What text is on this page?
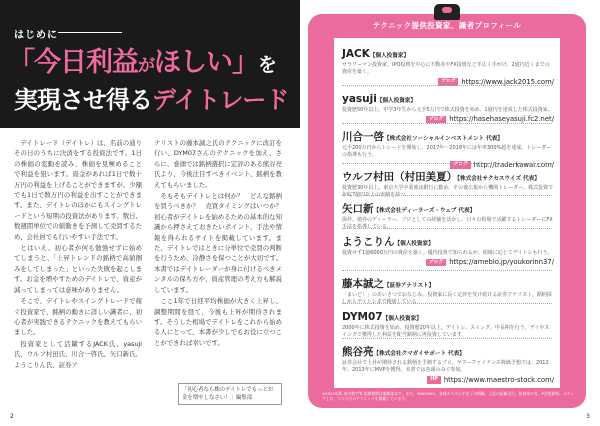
はじめに
「今日利益がほしい」を
実現させ得るデイトレード

デイトレード（デイトレ）は、名前の通りその日のうちに決済をする投資法です。1日の株価の変動を読み、株価を見極めることで利益を狙います。資金があれば1日で数十万円の利益を上げることができますが、少額でも1日で数万円の利益を出すことができます。また、デイトレのほかにもスイングトレードという短期の投資法があります。数日、数週間単位での値動きを予測して売買するため、会社員でも行いやすい手法です。

とはいえ、初心者が何も勉強せずに始めてしまうと、「上昇トレンドの銘柄で高値掴みをしてしまった」といった失敗を起こします。お金を増やすためのデイトレで、資産が減ってしまっては意味がありません。

そこで、デイトレやスイングトレードで稼ぐ投資家で、銘柄の動きに詳しい識者に、初心者が実践できるテクニックを教えてもらいました。

投資家として活躍するJACK氏、yasuji氏、ウルフ村田氏、川合一啓氏、矢口新氏、ようこりん氏、証券ア

ナリストの藤本誠之氏のテクニックに改訂を行い、DYM07さんのテクニックを加え、さらに、巻頭では銘柄選択に定評のある熊谷亮氏より、今後注目すべきイベント、銘柄を教えてもらいました。

そもそもデイトレとは何か？　どんな銘柄を買うべきか？　売買タイミングはいつか？　初心者がデイトレを始めるための基本的な知識から押さえておきたいポイント、手法や情報を得られるサイトを掲載しています。また、デイトレではときに分単位で売買の判断を行うため、冷静さを保つことが大切です。本書ではデイトレーダーが身に付けるべきメンタルの保ち方や、資産管理の考え方も解説しています。

ここ1年で日経平均株価が大きく上昇し、調整期間を経て、今後も上昇が期待されます。そうした相場でデイトレをこれから始める人にとって、本書が少しでもお役に立つことができれば幸いです。

「初心者なら株のデイトレでもっとお金を増やしなさい！」編集部
2
テクニック提供投資家、識者プロフィール
JACK【個人投資家】
サラリーマン投資家。IPO投資を中心に不動産やFX投資など手広く手がけ、2億円近くまでの資産を築く。
ブログ https://www.jack2015.com/
yasuji【個人投資家】
投資歴50年以上。中学3年生から元手5万円で株式投資を始め、1億円を達成した株式投資家。
ブログ https://hasehaseyasuji.fc2.net/
川合一啓【株式会社ソーシャルインベストメント 代表】
元手200万円からトレードを開始し、2017年～2018年には年率300%超を達成。トレーダーの指導も行う。
ブログ http://traderkawai.com/
ウルフ村田（村田美夏）【株式会社サクセスウイズ 代表】
投資歴30年以上。東京大学卒業後は銀行に勤め、その後広報から機関トレーダー。株式投資で年収7億円以上の実績を持つ。
矢口新【株式会社ディーラーズ・ウェブ 代表】
海外、債券のディーラー、プロとしての経験を活かし、日々の相場で活躍するトレーダーにFX手法を指導している。
ようこりん【個人投資家】
投資せず1億6000万円の資産を築く。優待投資で知られるが、相場に応じてデイトレも行う。
ブログ https://ameblo.jp/youkorinn37/
藤本誠之【証券アナリスト】
「まいど！」のあいさつでおなじみ。投資家に長く定評を受け続ける証券アナリスト。銘柄探しからデイトレまで精通している。
DYM07【個人投資家】
2000年に株式投資を始め、投資歴20年以上。デイトレ、スイング、中長期を行う。デイやスイングで獲得した利益を配当銘柄に再投資しています。
熊谷亮【株式会社クマガイサポート 代表】
証券会社で上昇が期待される銘柄を予測するプロ。ヤフーファイナンス株価予想では、2012年、2013年にMVPを獲得。本書では巻頭のみで参加。
HP https://www.maestro-stock.com/
※2024年版 表の数字等 投資期間は編集部まで。また、YWOOMO、各種カスタム手法了の掲載。上記の記載当日、投資家の方、P会投資家、メディア上に、マスタ方のテクニックを掲載しています。
3
